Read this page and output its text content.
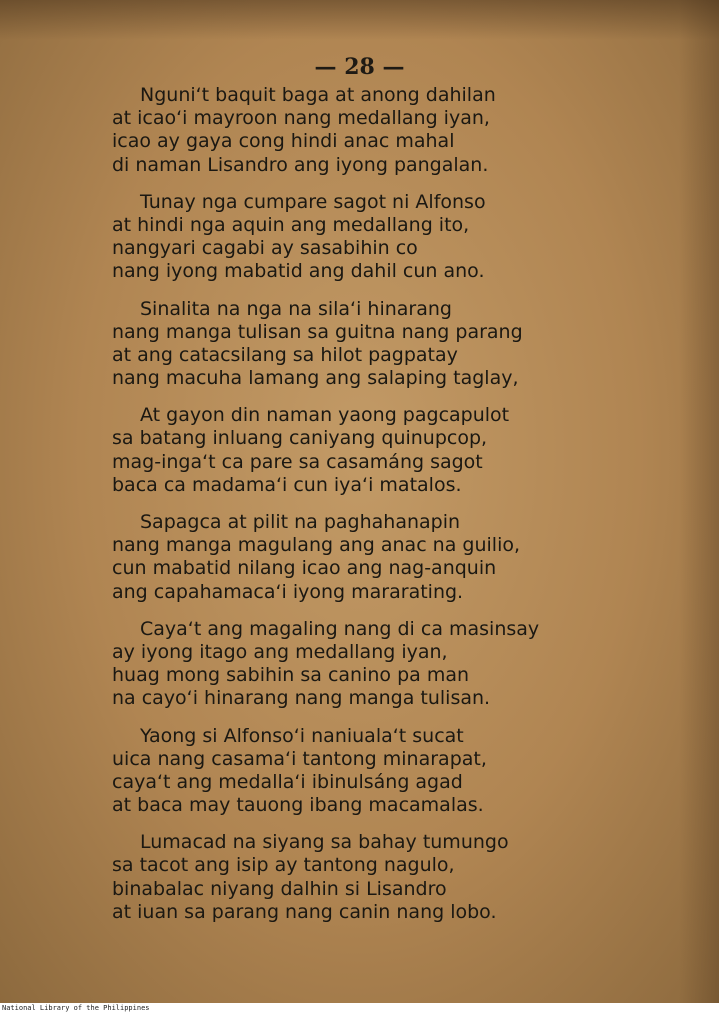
— 28 —
Nguni‘t baquit baga at anong dahilan
at icao‘i mayroon nang medallang iyan,
icao ay gaya cong hindi anac mahal
di naman Lisandro ang iyong pangalan.
Tunay nga cumpare sagot ni Alfonso
at hindi nga aquin ang medallang ito,
nangyari cagabi ay sasabihin co
nang iyong mabatid ang dahil cun ano.
Sinalita na nga na sila‘i hinarang
nang manga tulisan sa guitna nang parang
at ang catacsilang sa hilot pagpatay
nang macuha lamang ang salaping taglay,
At gayon din naman yaong pagcapulot
sa batang inluang caniyang quinupcop,
mag-inga‘t ca pare sa casamáng sagot
baca ca madama‘i cun iya‘i matalos.
Sapagca at pilit na paghahanapin
nang manga magulang ang anac na guilio,
cun mabatid nilang icao ang nag-anquin
ang capahamaca‘i iyong mararating.
Caya‘t ang magaling nang di ca masinsay
ay iyong itago ang medallang iyan,
huag mong sabihin sa canino pa man
na cayo‘i hinarang nang manga tulisan.
Yaong si Alfonso‘i naniuala‘t sucat
uica nang casama‘i tantong minarapat,
caya‘t ang medalla‘i ibinulsáng agad
at baca may tauong ibang macamalas.
Lumacad na siyang sa bahay tumungo
sa tacot ang isip ay tantong nagulo,
binabalac niyang dalhin si Lisandro
at iuan sa parang nang canin nang lobo.
National Library of the Philippines
